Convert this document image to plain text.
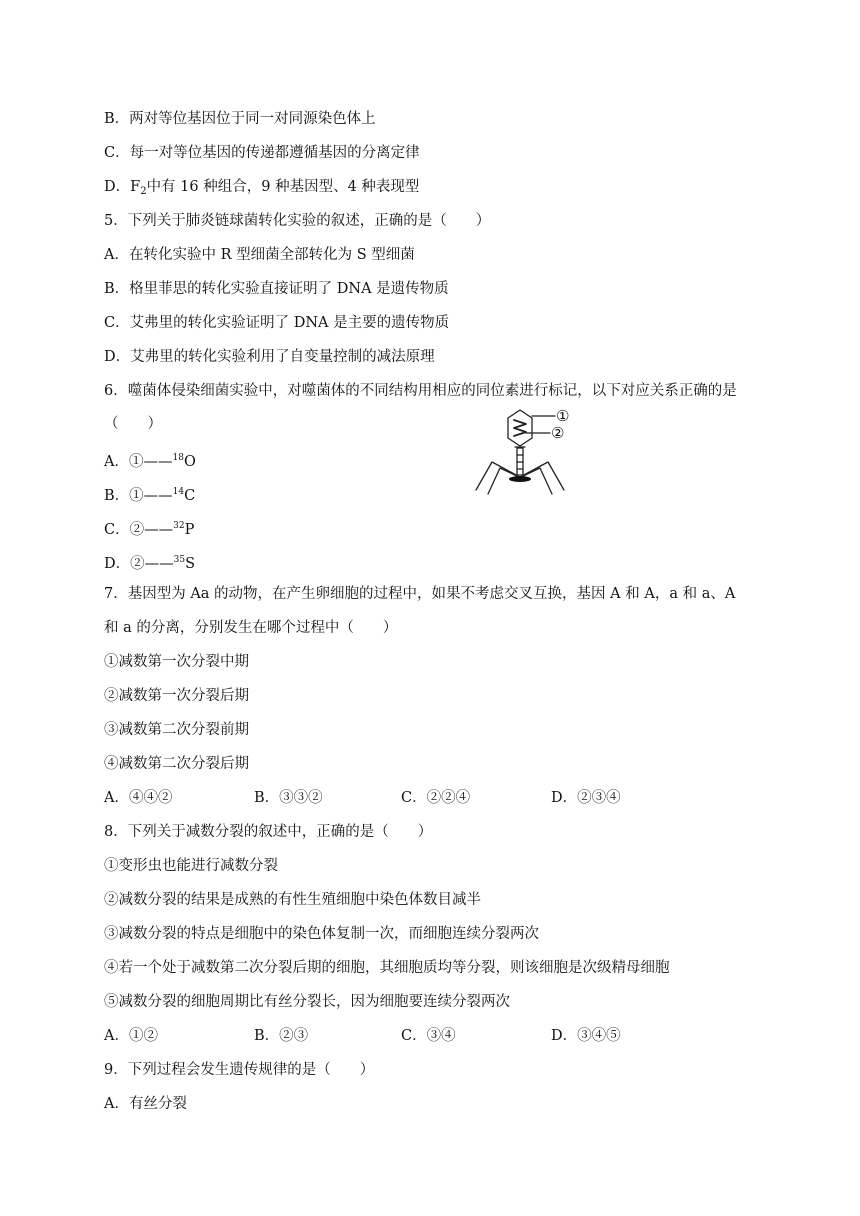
B．两对等位基因位于同一对同源染色体上
C．每一对等位基因的传递都遵循基因的分离定律
D．$F_2$中有 16 种组合，9 种基因型、4 种表现型
5．下列关于肺炎链球菌转化实验的叙述，正确的是（　　）
A．在转化实验中 R 型细菌全部转化为 S 型细菌
B．格里菲思的转化实验直接证明了 DNA 是遗传物质
C．艾弗里的转化实验证明了 DNA 是主要的遗传物质
D．艾弗里的转化实验利用了自变量控制的减法原理
6．噬菌体侵染细菌实验中，对噬菌体的不同结构用相应的同位素进行标记，以下对应关系正确的是
（　　）
A．①——$^{18}$O
B．①——$^{14}$C
C．②——$^{32}$P
D．②——$^{35}$S
①
②
7．基因型为 Aa 的动物，在产生卵细胞的过程中，如果不考虑交叉互换，基因 A 和 A，a 和 a、A
和 a 的分离，分别发生在哪个过程中（　　）
①减数第一次分裂中期
②减数第一次分裂后期
③减数第二次分裂前期
④减数第二次分裂后期
A．④④②	B．③③②	C．②②④	D．②③④
8．下列关于减数分裂的叙述中，正确的是（　　）
①变形虫也能进行减数分裂
②减数分裂的结果是成熟的有性生殖细胞中染色体数目减半
③减数分裂的特点是细胞中的染色体复制一次，而细胞连续分裂两次
④若一个处于减数第二次分裂后期的细胞，其细胞质均等分裂，则该细胞是次级精母细胞
⑤减数分裂的细胞周期比有丝分裂长，因为细胞要连续分裂两次
A．①②	B．②③	C．③④	D．③④⑤
9．下列过程会发生遗传规律的是（　　）
A．有丝分裂
